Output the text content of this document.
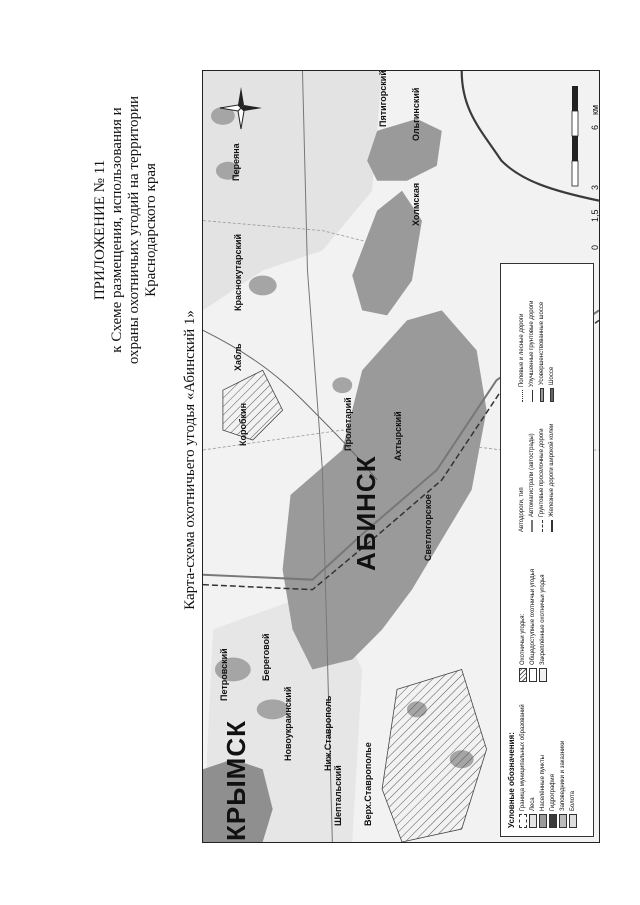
ПРИЛОЖЕНИЕ № 11 к Схеме размещения, использования и охраны охотничьих угодий на территории Краснодарского края
Карта-схема охотничьего угодья «Абинский 1»
КРЫМСК
АБИНСК
Шептальский Верх.Ставрополье
Ниж.Ставрополь
Новоукраинский
Береговой
Петровский
Светлогорское
Ахтырский
Пролетарий
Коробкин
Хабль
Краснокутарский
Холмская
Пятигорский
Переяна
Ольгинский
Условные обозначения: Граница муниципальных образований Леса Населённые пункты Гидрография Заповедники и заказники Болота
Охотничьи угодья: Общедоступные охотничьи угодья Закреплённые охотничьи угодья
Автодороги, тип Автомагистрали (автострады) Грунтовые проселочные дороги Железные дороги широкой колеи
Полевые и лесные дороги Улучшенные грунтовые дороги Усовершенствованные шоссе Шоссе
0
1,5
3
6
км
